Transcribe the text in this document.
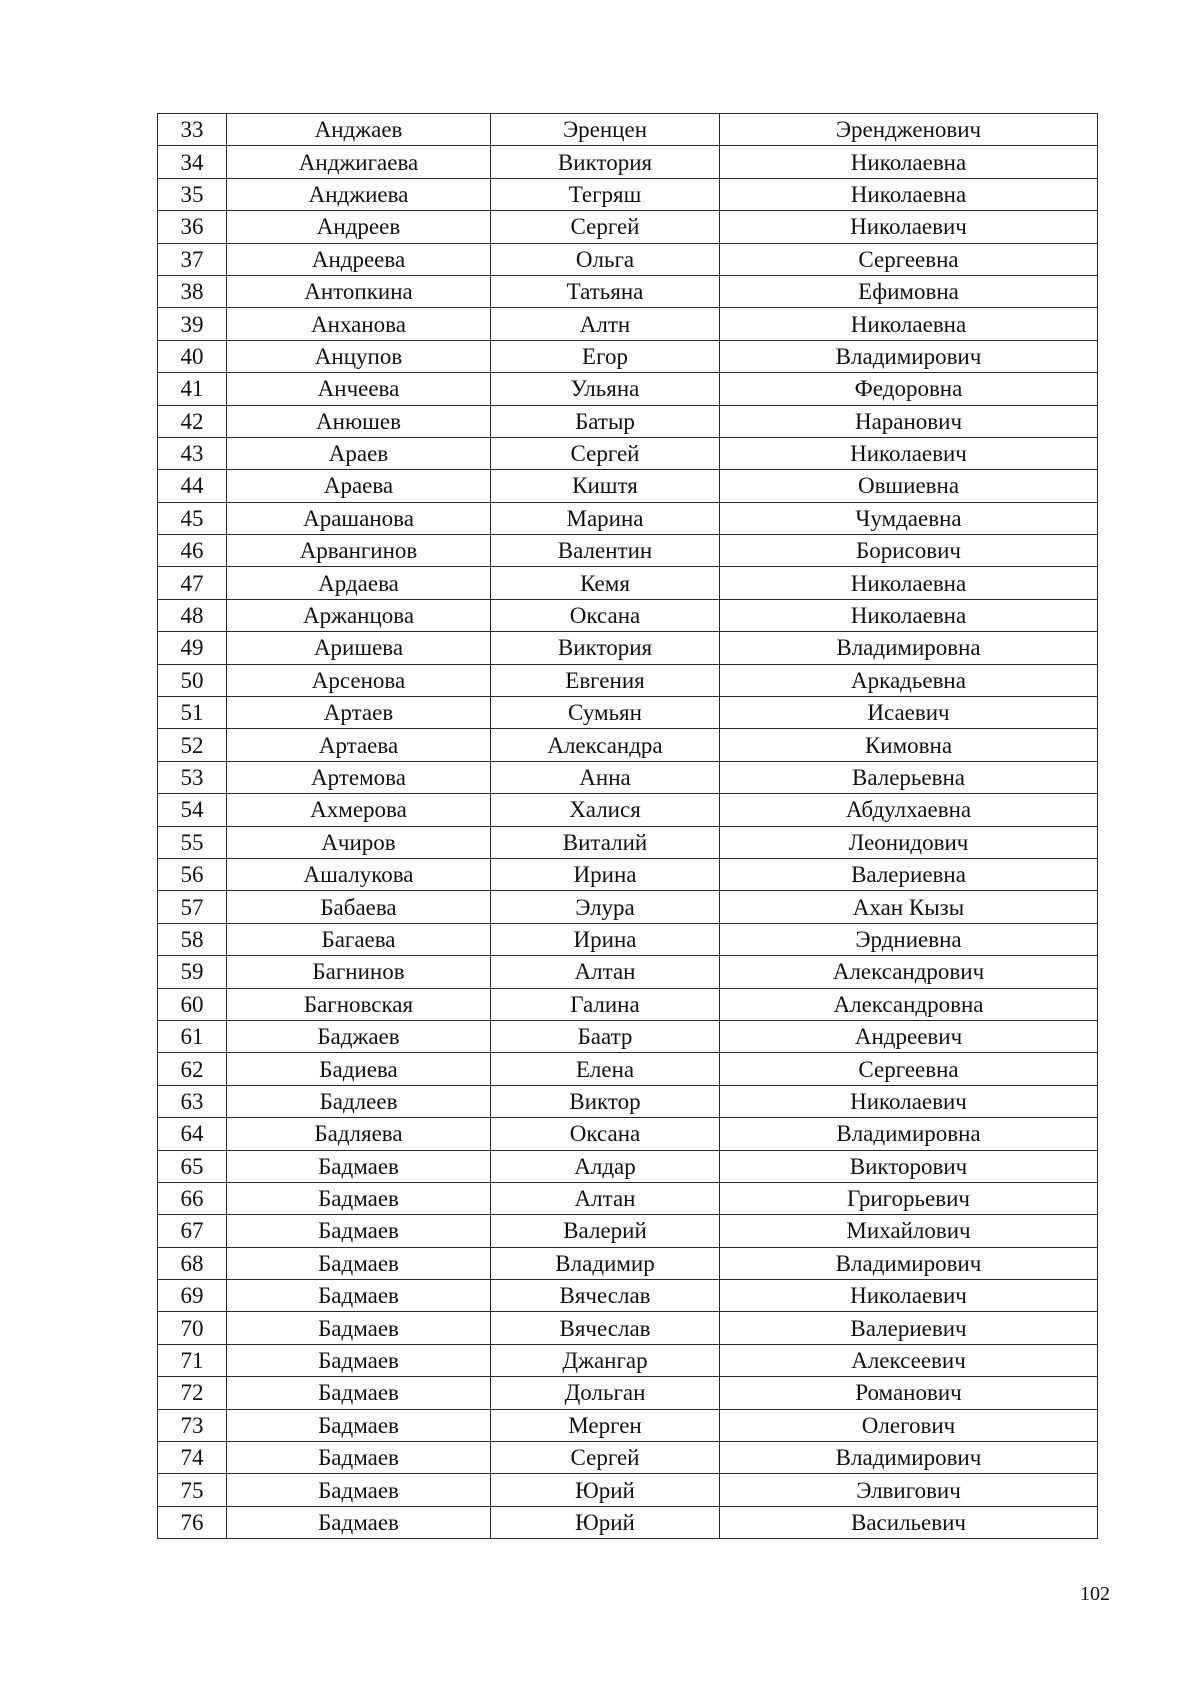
33	Анджаев	Эренцен	Эрендженович
34	Анджигаева	Виктория	Николаевна
35	Анджиева	Тегряш	Николаевна
36	Андреев	Сергей	Николаевич
37	Андреева	Ольга	Сергеевна
38	Антопкина	Татьяна	Ефимовна
39	Анханова	Алтн	Николаевна
40	Анцупов	Егор	Владимирович
41	Анчеева	Ульяна	Федоровна
42	Анюшев	Батыр	Наранович
43	Араев	Сергей	Николаевич
44	Араева	Киштя	Овшиевна
45	Арашанова	Марина	Чумдаевна
46	Арвангинов	Валентин	Борисович
47	Ардаева	Кемя	Николаевна
48	Аржанцова	Оксана	Николаевна
49	Аришева	Виктория	Владимировна
50	Арсенова	Евгения	Аркадьевна
51	Артаев	Сумьян	Исаевич
52	Артаева	Александра	Кимовна
53	Артемова	Анна	Валерьевна
54	Ахмерова	Халися	Абдулхаевна
55	Ачиров	Виталий	Леонидович
56	Ашалукова	Ирина	Валериевна
57	Бабаева	Элура	Ахан Кызы
58	Багаева	Ирина	Эрдниевна
59	Багнинов	Алтан	Александрович
60	Багновская	Галина	Александровна
61	Баджаев	Баатр	Андреевич
62	Бадиева	Елена	Сергеевна
63	Бадлеев	Виктор	Николаевич
64	Бадляева	Оксана	Владимировна
65	Бадмаев	Алдар	Викторович
66	Бадмаев	Алтан	Григорьевич
67	Бадмаев	Валерий	Михайлович
68	Бадмаев	Владимир	Владимирович
69	Бадмаев	Вячеслав	Николаевич
70	Бадмаев	Вячеслав	Валериевич
71	Бадмаев	Джангар	Алексеевич
72	Бадмаев	Дольган	Романович
73	Бадмаев	Мерген	Олегович
74	Бадмаев	Сергей	Владимирович
75	Бадмаев	Юрий	Элвигович
76	Бадмаев	Юрий	Васильевич
102
